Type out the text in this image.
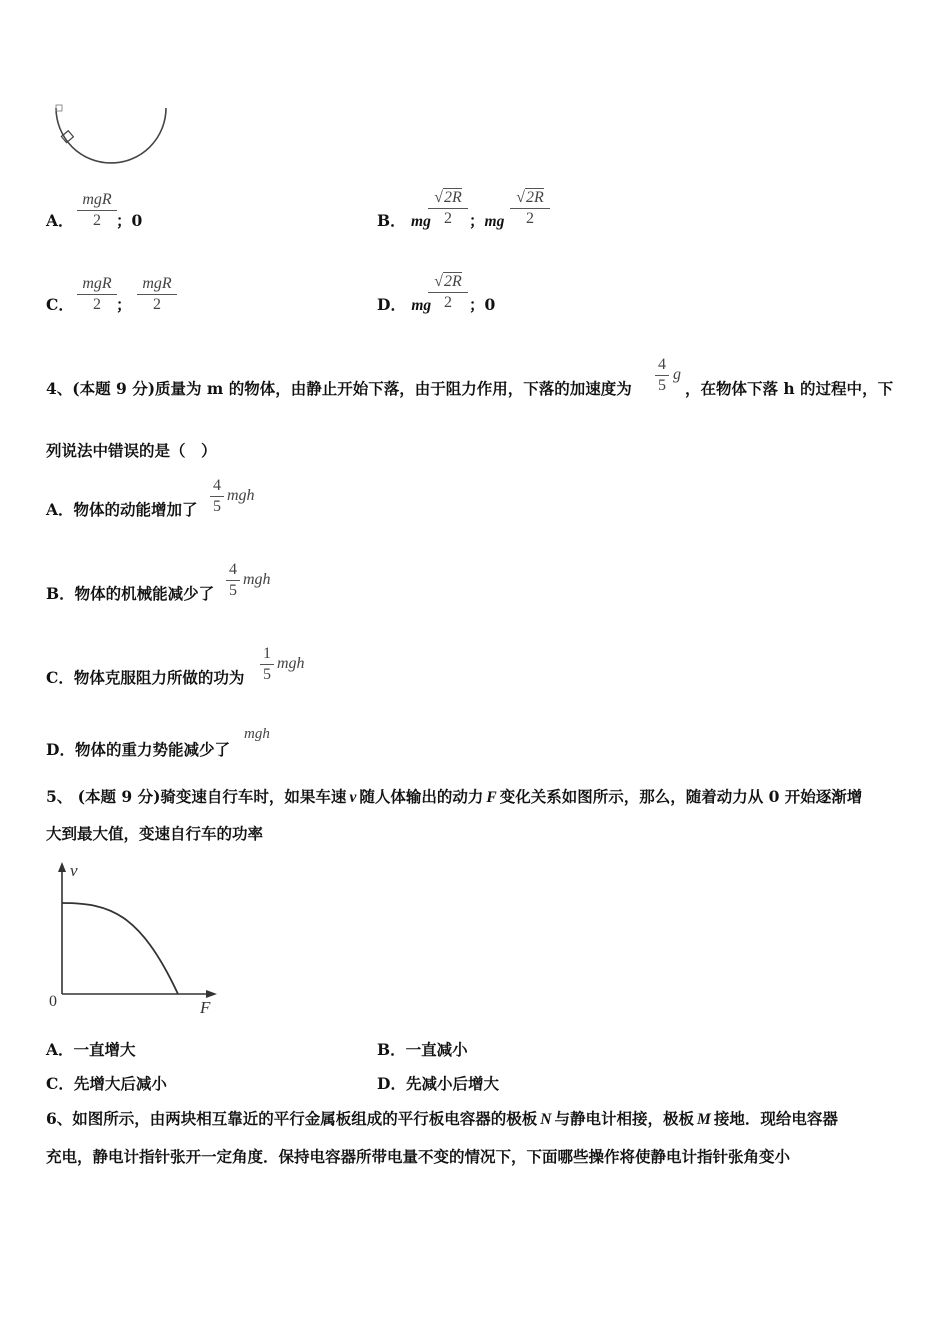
A．
mgR
2 ；0	B． mg
√2R
2	；mg
√2R
2
C．
mgR
2 ；
mgR
2	D． mg
√2R
2	；0
4、(本题 9 分)质量为 m 的物体，由静止开始下落，由于阻力作用，下落的加速度为
4
5
g
，在物体下落 h 的过程中，下
列说法中错误的是（　）
A．物体的动能增加了
4
5
mgh
B．物体的机械能减少了
4
5
mgh
C．物体克服阻力所做的功为
1
5
mgh
D．物体的重力势能减少了
mgh
5、 (本题 9 分)骑变速自行车时，如果车速 v 随人体输出的动力 F 变化关系如图所示，那么，随着动力从 0 开始逐渐增
大到最大值，变速自行车的功率
v
F
0
A．一直增大	B．一直减小
C．先增大后减小	D．先减小后增大
6、如图所示，由两块相互靠近的平行金属板组成的平行板电容器的极板 N 与静电计相接，极板 M 接地．现给电容器
充电，静电计指针张开一定角度．保持电容器所带电量不变的情况下，下面哪些操作将使静电计指针张角变小
